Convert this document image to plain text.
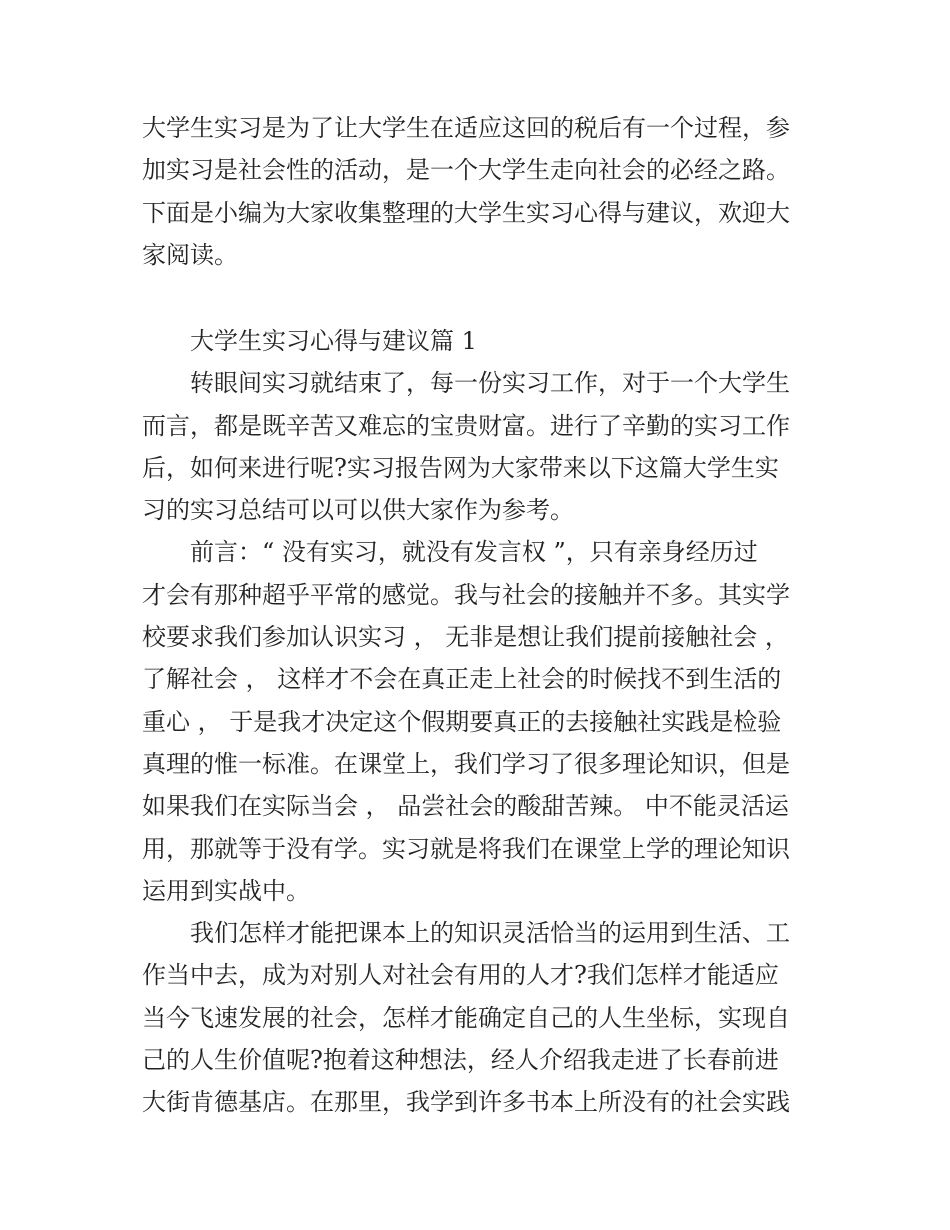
大学生实习是为了让大学生在适应这回的税后有一个过程，参
加实习是社会性的活动，是一个大学生走向社会的必经之路。
下面是小编为大家收集整理的大学生实习心得与建议，欢迎大
家阅读。
大学生实习心得与建议篇 1
转眼间实习就结束了，每一份实习工作，对于一个大学生
而言，都是既辛苦又难忘的宝贵财富。进行了辛勤的实习工作
后，如何来进行呢?实习报告网为大家带来以下这篇大学生实
习的实习总结可以可以供大家作为参考。
前言：“ 没有实习，就没有发言权 ”，只有亲身经历过
才会有那种超乎平常的感觉。我与社会的接触并不多。其实学
校要求我们参加认识实习 ， 无非是想让我们提前接触社会 ，
了解社会 ， 这样才不会在真正走上社会的时候找不到生活的
重心 ， 于是我才决定这个假期要真正的去接触社实践是检验
真理的惟一标准。在课堂上，我们学习了很多理论知识，但是
如果我们在实际当会 ， 品尝社会的酸甜苦辣。 中不能灵活运
用，那就等于没有学。实习就是将我们在课堂上学的理论知识
运用到实战中。
我们怎样才能把课本上的知识灵活恰当的运用到生活、工
作当中去，成为对别人对社会有用的人才?我们怎样才能适应
当今飞速发展的社会，怎样才能确定自己的人生坐标，实现自
己的人生价值呢?抱着这种想法，经人介绍我走进了长春前进
大街肯德基店。在那里，我学到许多书本上所没有的社会实践
